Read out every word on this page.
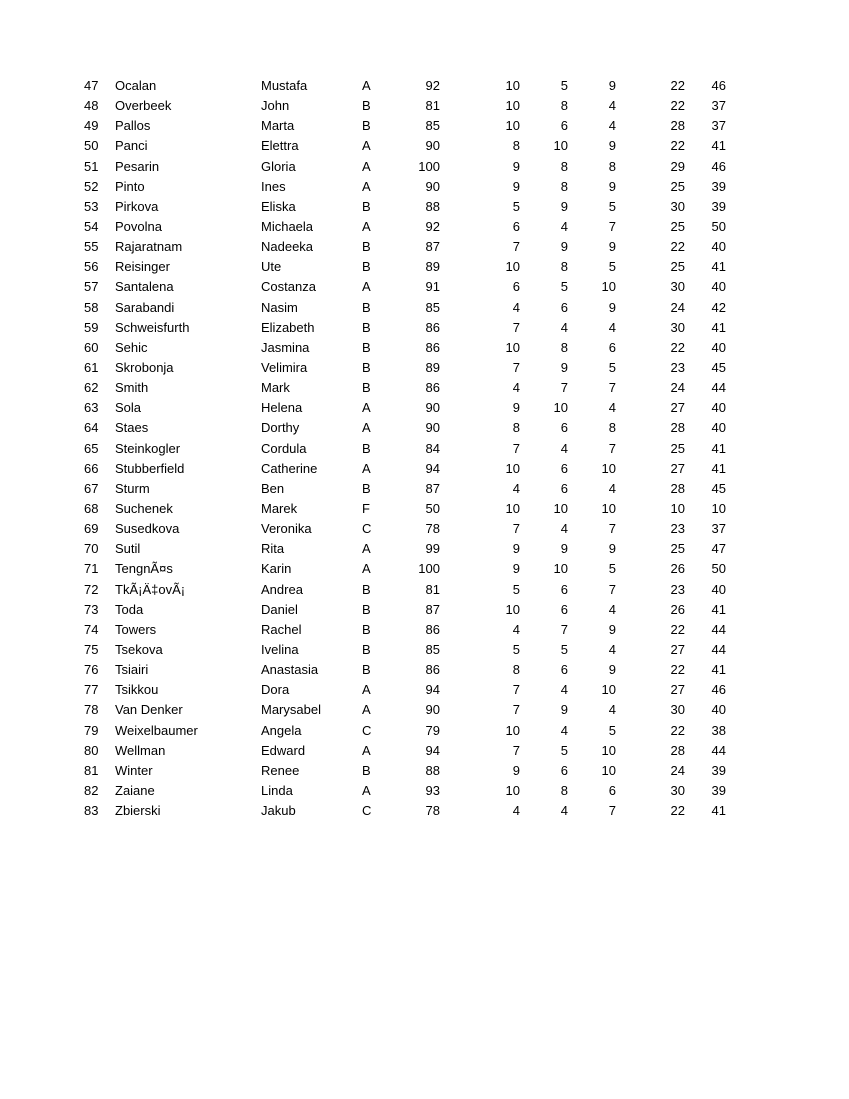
47	Ocalan	Mustafa	A	92	10	5	9	22	46
48	Overbeek	John	B	81	10	8	4	22	37
49	Pallos	Marta	B	85	10	6	4	28	37
50	Panci	Elettra	A	90	8	10	9	22	41
51	Pesarin	Gloria	A	100	9	8	8	29	46
52	Pinto	Ines	A	90	9	8	9	25	39
53	Pirkova	Eliska	B	88	5	9	5	30	39
54	Povolna	Michaela	A	92	6	4	7	25	50
55	Rajaratnam	Nadeeka	B	87	7	9	9	22	40
56	Reisinger	Ute	B	89	10	8	5	25	41
57	Santalena	Costanza	A	91	6	5	10	30	40
58	Sarabandi	Nasim	B	85	4	6	9	24	42
59	Schweisfurth	Elizabeth	B	86	7	4	4	30	41
60	Sehic	Jasmina	B	86	10	8	6	22	40
61	Skrobonja	Velimira	B	89	7	9	5	23	45
62	Smith	Mark	B	86	4	7	7	24	44
63	Sola	Helena	A	90	9	10	4	27	40
64	Staes	Dorthy	A	90	8	6	8	28	40
65	Steinkogler	Cordula	B	84	7	4	7	25	41
66	Stubberfield	Catherine	A	94	10	6	10	27	41
67	Sturm	Ben	B	87	4	6	4	28	45
68	Suchenek	Marek	F	50	10	10	10	10	10
69	Susedkova	Veronika	C	78	7	4	7	23	37
70	Sutil	Rita	A	99	9	9	9	25	47
71	TengnÃ¤s	Karin	A	100	9	10	5	26	50
72	TkÃ¡Ä‡ovÃ¡	Andrea	B	81	5	6	7	23	40
73	Toda	Daniel	B	87	10	6	4	26	41
74	Towers	Rachel	B	86	4	7	9	22	44
75	Tsekova	Ivelina	B	85	5	5	4	27	44
76	Tsiairi	Anastasia	B	86	8	6	9	22	41
77	Tsikkou	Dora	A	94	7	4	10	27	46
78	Van Denker	Marysabel	A	90	7	9	4	30	40
79	Weixelbaumer	Angela	C	79	10	4	5	22	38
80	Wellman	Edward	A	94	7	5	10	28	44
81	Winter	Renee	B	88	9	6	10	24	39
82	Zaiane	Linda	A	93	10	8	6	30	39
83	Zbierski	Jakub	C	78	4	4	7	22	41
